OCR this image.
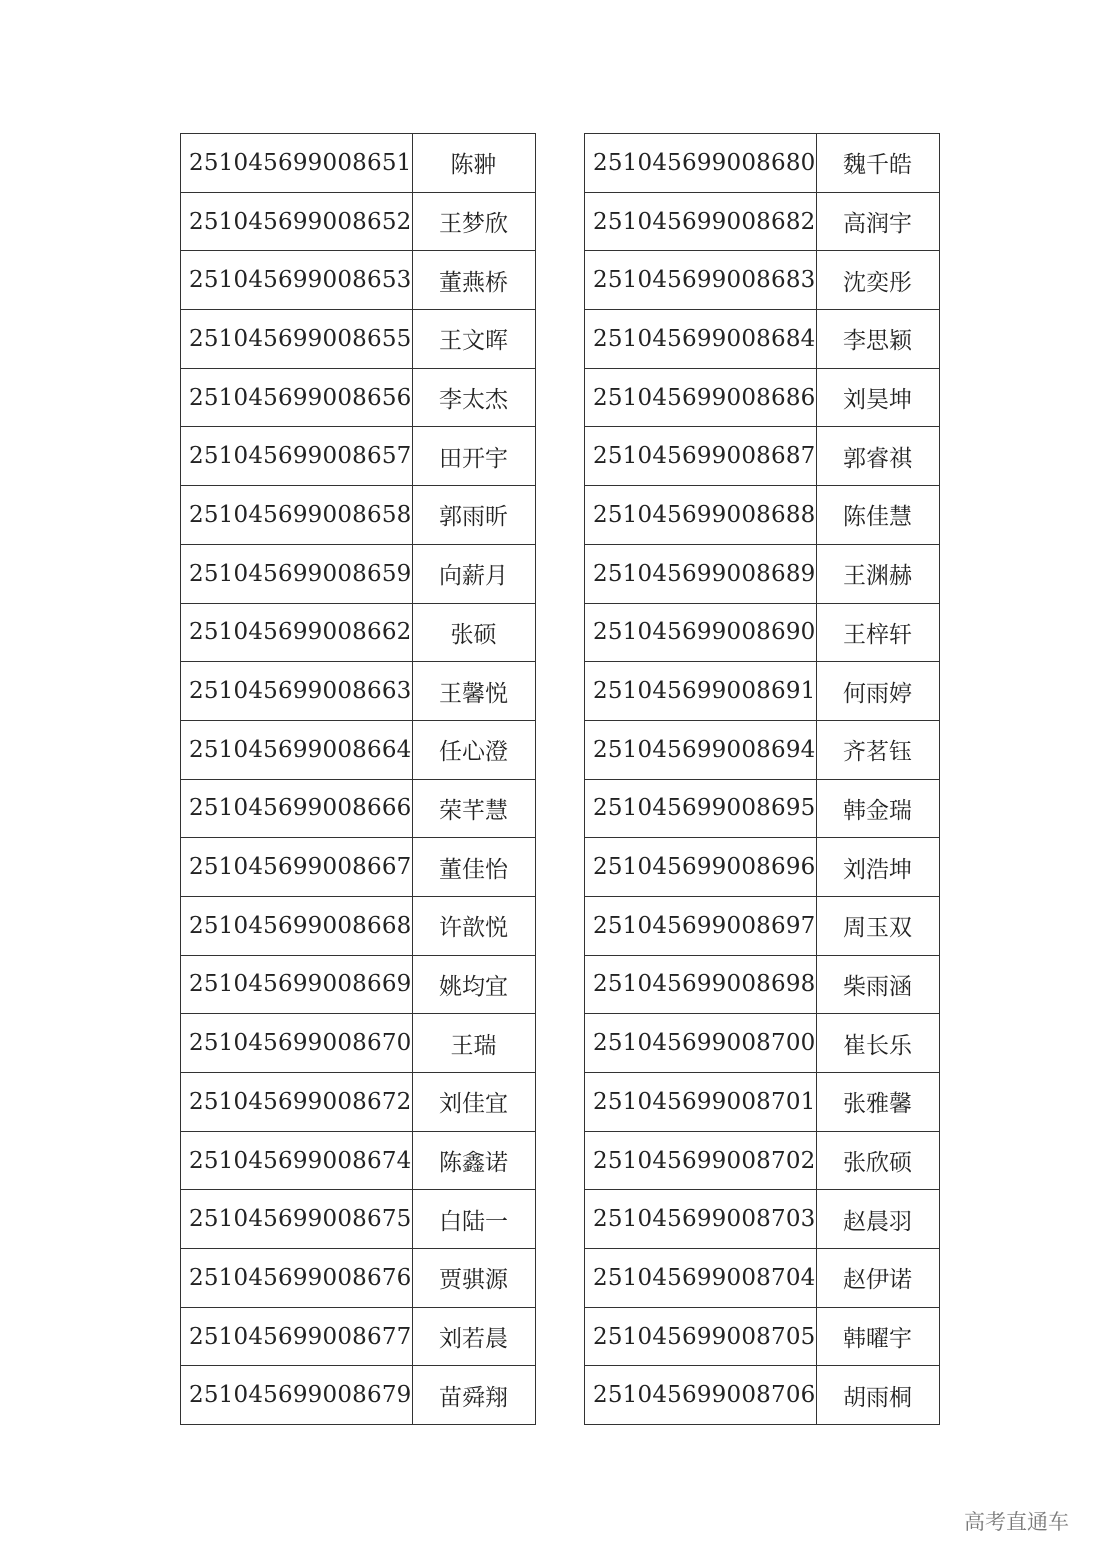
251045699008651	陈翀
251045699008652	王梦欣
251045699008653	董燕桥
251045699008655	王文晖
251045699008656	李太杰
251045699008657	田开宇
251045699008658	郭雨昕
251045699008659	向薪月
251045699008662	张硕
251045699008663	王馨悦
251045699008664	任心澄
251045699008666	荣芊慧
251045699008667	董佳怡
251045699008668	许歆悦
251045699008669	姚均宜
251045699008670	王瑞
251045699008672	刘佳宜
251045699008674	陈鑫诺
251045699008675	白陆一
251045699008676	贾骐源
251045699008677	刘若晨
251045699008679	苗舜翔
251045699008680	魏千皓
251045699008682	高润宇
251045699008683	沈奕彤
251045699008684	李思颖
251045699008686	刘昊坤
251045699008687	郭睿祺
251045699008688	陈佳慧
251045699008689	王渊赫
251045699008690	王梓轩
251045699008691	何雨婷
251045699008694	齐茗钰
251045699008695	韩金瑞
251045699008696	刘浩坤
251045699008697	周玉双
251045699008698	柴雨涵
251045699008700	崔长乐
251045699008701	张雅馨
251045699008702	张欣硕
251045699008703	赵晨羽
251045699008704	赵伊诺
251045699008705	韩曜宇
251045699008706	胡雨桐
高考直通车
